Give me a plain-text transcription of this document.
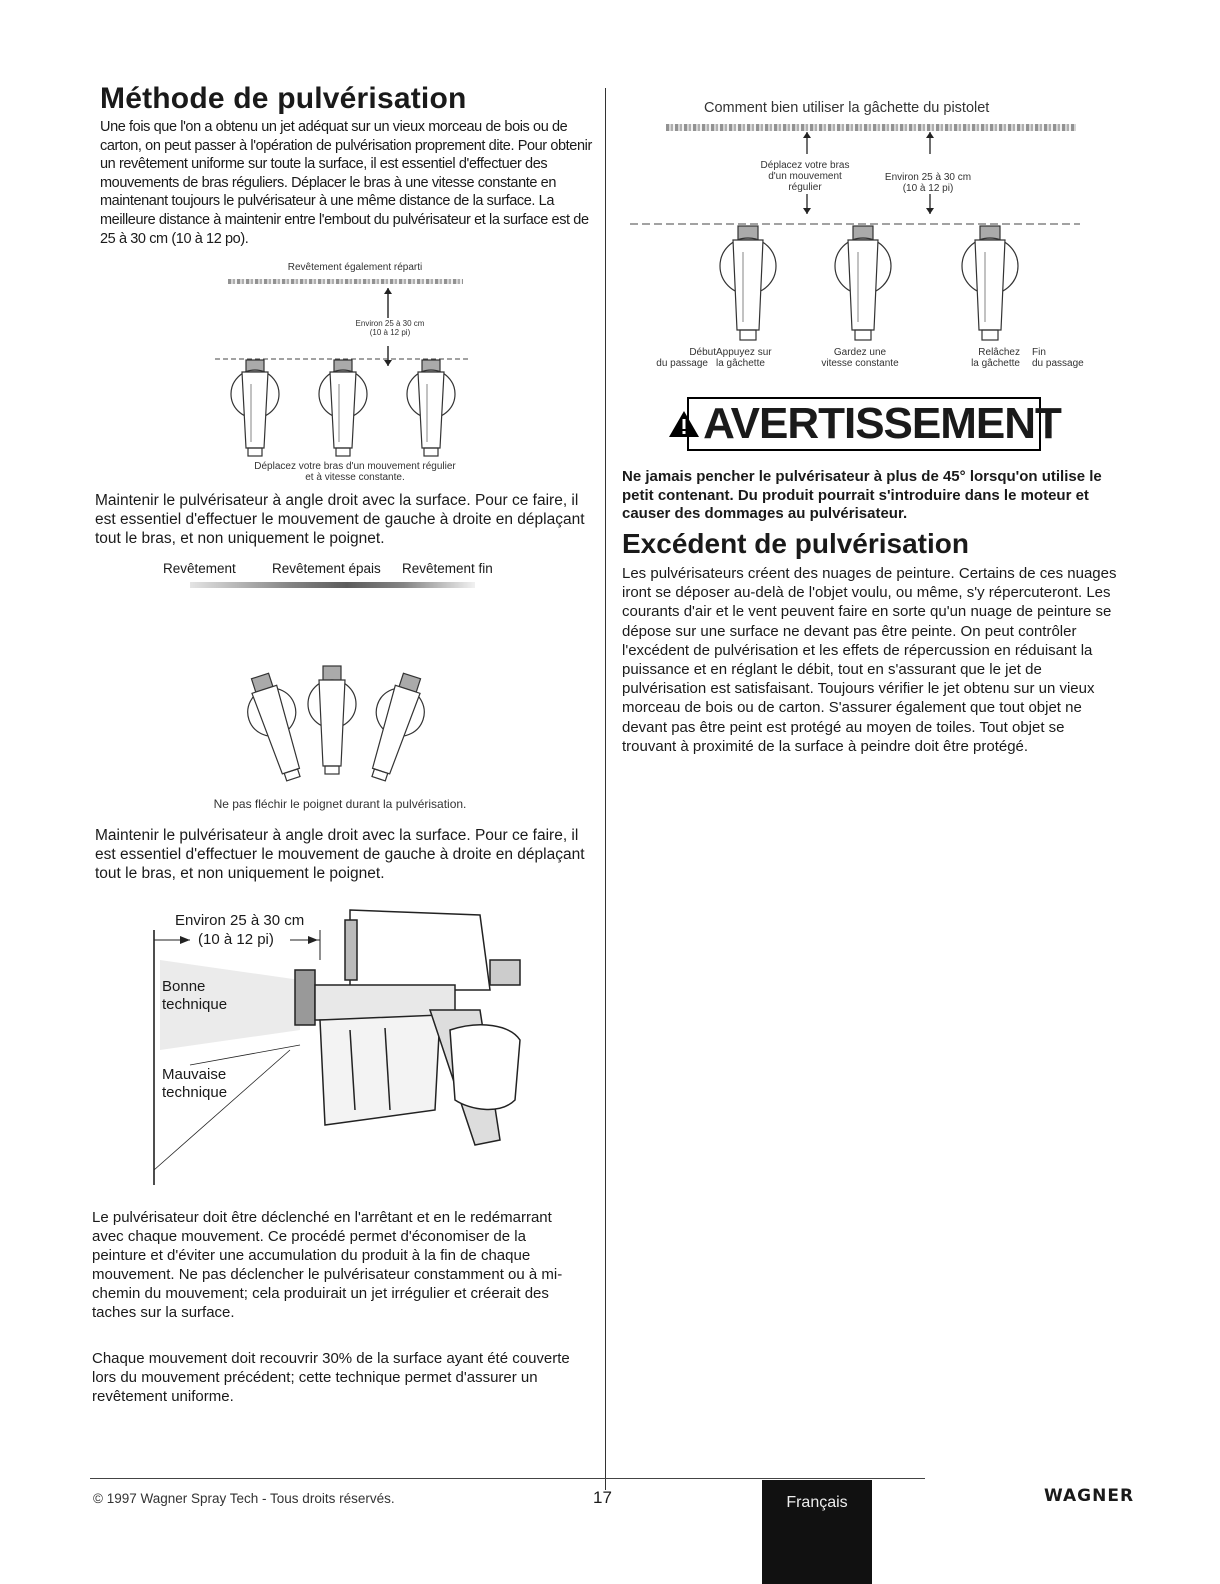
Méthode de pulvérisation

Une fois que l'on a obtenu un jet adéquat sur un vieux morceau de bois ou de carton, on peut passer à l'opération de pulvérisation proprement dite. Pour obtenir un revêtement uniforme sur toute la surface, il est essentiel d'effectuer des mouvements de bras réguliers. Déplacer le bras à une vitesse constante en maintenant toujours le pulvérisateur à une même distance de la surface. La meilleure distance à maintenir entre l'embout du pulvérisateur et la surface est de 25 à 30 cm (10 à 12 po).

Revêtement également réparti
Environ 25 à 30 cm
(10 à 12 pi)
Déplacez votre bras d'un mouvement régulier
et à vitesse constante.

Maintenir le pulvérisateur à angle droit avec la surface. Pour ce faire, il est essentiel d'effectuer le mouvement de gauche à droite en déplaçant tout le bras, et non uniquement le poignet.

Revêtement	Revêtement épais Revêtement fin
Ne pas fléchir le poignet durant la pulvérisation.

Maintenir le pulvérisateur à angle droit avec la surface. Pour ce faire, il est essentiel d'effectuer le mouvement de gauche à droite en déplaçant tout le bras, et non uniquement le poignet.

Environ 25 à 30 cm
(10 à 12 pi)
Bonne
technique
Mauvaise
technique

Le pulvérisateur doit être déclenché en l'arrêtant et en le redémarrant avec chaque mouvement. Ce procédé permet d'économiser de la peinture et d'éviter une accumulation du produit à la fin de chaque mouvement. Ne pas déclencher le pulvérisateur constamment ou à mi-chemin du mouvement; cela produirait un jet irrégulier et créerait des taches sur la surface.

Chaque mouvement doit recouvrir 30% de la surface ayant été couverte lors du mouvement précédent; cette technique permet d'assurer un revêtement uniforme.

Comment bien utiliser la gâchette du pistolet
Déplacez votre bras
d'un mouvement
régulier
Environ 25 à 30 cm
(10 à 12 pi)
Début
du passage
Appuyez sur
la gâchette
Gardez une
vitesse constante
Relâchez
la gâchette
Fin
du passage
AVERTISSEMENT
Ne jamais pencher le pulvérisateur à plus de 45° lorsqu'on utilise le petit contenant. Du produit pourrait s'introduire dans le moteur et causer des dommages au pulvérisateur.
Excédent de pulvérisation

Les pulvérisateurs créent des nuages de peinture. Certains de ces nuages iront se déposer au-delà de l'objet voulu, ou même, s'y répercuteront. Les courants d'air et le vent peuvent faire en sorte qu'un nuage de peinture se dépose sur une surface ne devant pas être peinte. On peut contrôler l'excédent de pulvérisation et les effets de répercussion en réduisant la puissance et en réglant le débit, tout en s'assurant que le jet de pulvérisation est satisfaisant. Toujours vérifier le jet obtenu sur un vieux morceau de bois ou de carton. S'assurer également que tout objet ne devant pas être peint est protégé au moyen de toiles. Tout objet se trouvant à proximité de la surface à peindre doit être protégé.

© 1997 Wagner Spray Tech - Tous droits réservés.	17	Français	WAGNER
